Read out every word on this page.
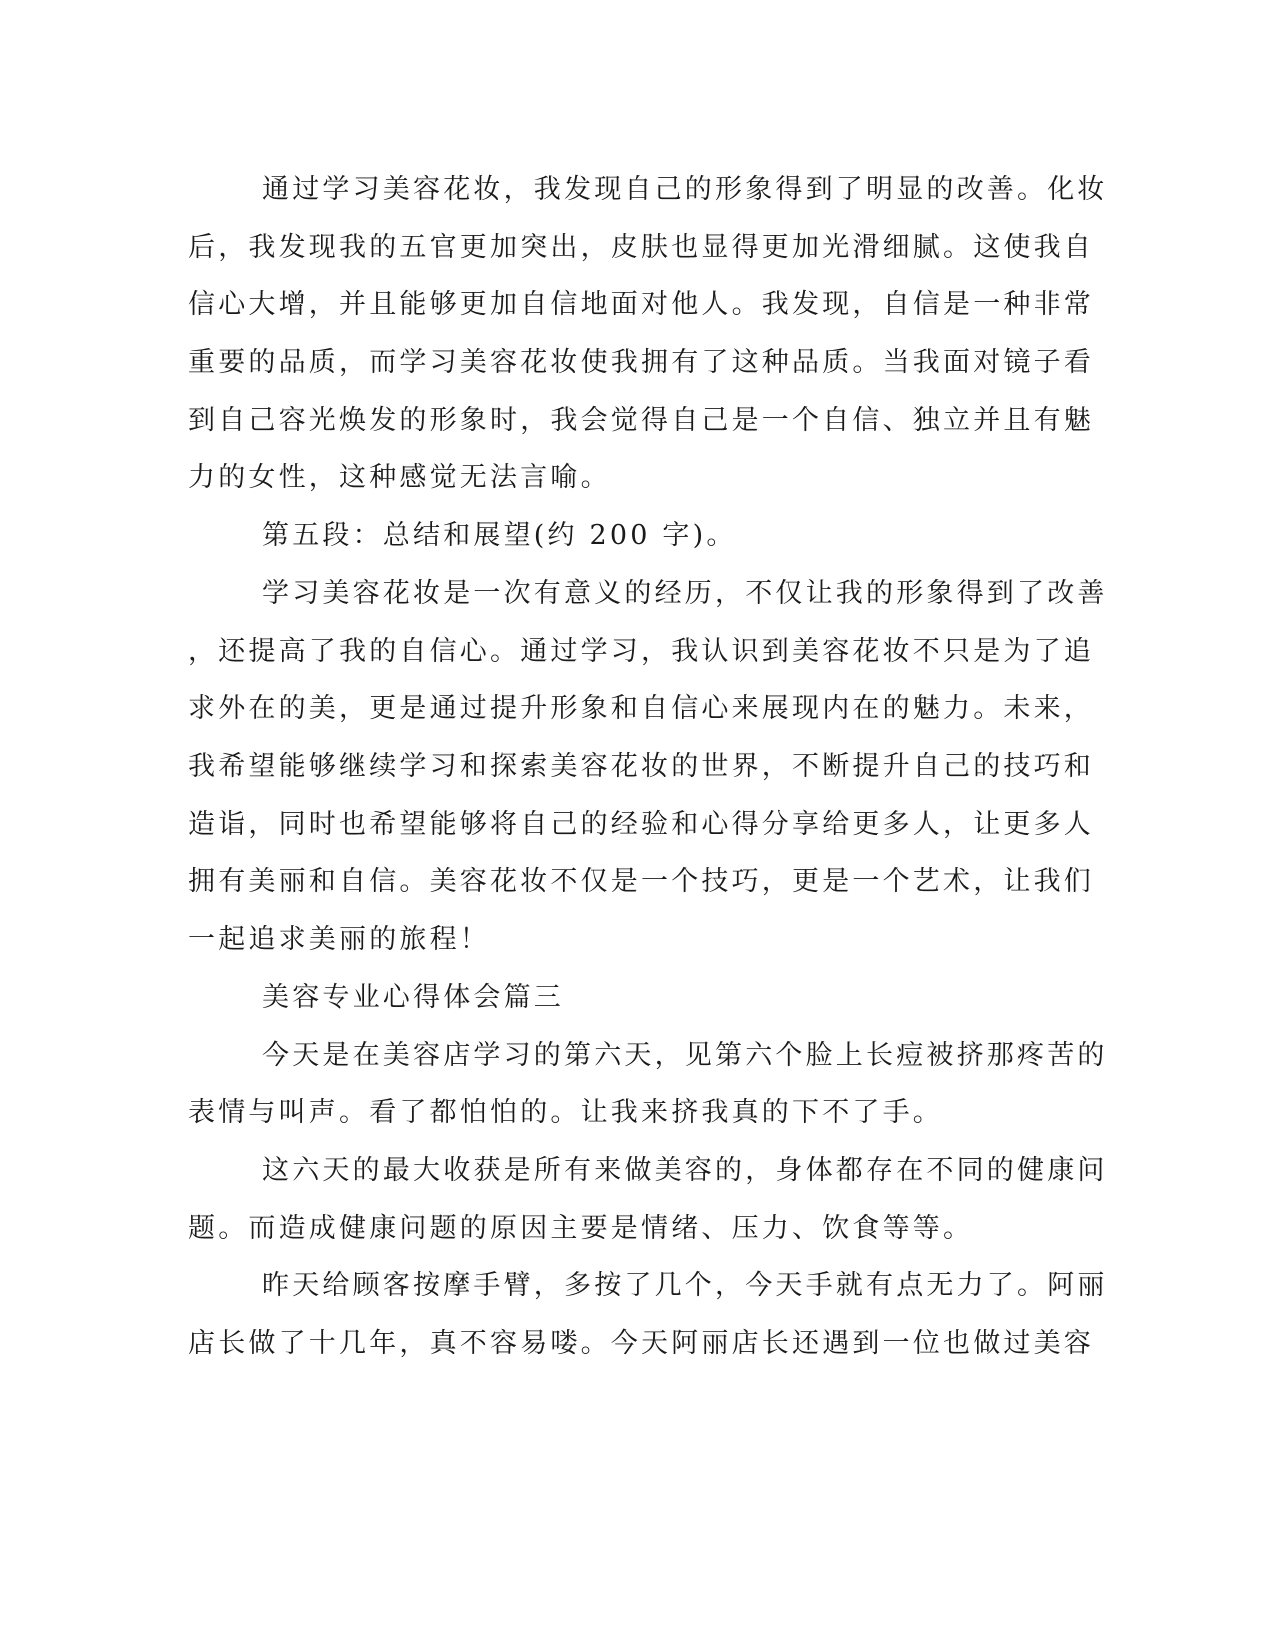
通过学习美容花妆，我发现自己的形象得到了明显的改善。化妆
后，我发现我的五官更加突出，皮肤也显得更加光滑细腻。这使我自
信心大增，并且能够更加自信地面对他人。我发现，自信是一种非常
重要的品质，而学习美容花妆使我拥有了这种品质。当我面对镜子看
到自己容光焕发的形象时，我会觉得自己是一个自信、独立并且有魅
力的女性，这种感觉无法言喻。
第五段：总结和展望(约 200 字)。
学习美容花妆是一次有意义的经历，不仅让我的形象得到了改善
，还提高了我的自信心。通过学习，我认识到美容花妆不只是为了追
求外在的美，更是通过提升形象和自信心来展现内在的魅力。未来，
我希望能够继续学习和探索美容花妆的世界，不断提升自己的技巧和
造诣，同时也希望能够将自己的经验和心得分享给更多人，让更多人
拥有美丽和自信。美容花妆不仅是一个技巧，更是一个艺术，让我们
一起追求美丽的旅程！
美容专业心得体会篇三
今天是在美容店学习的第六天，见第六个脸上长痘被挤那疼苦的
表情与叫声。看了都怕怕的。让我来挤我真的下不了手。
这六天的最大收获是所有来做美容的，身体都存在不同的健康问
题。而造成健康问题的原因主要是情绪、压力、饮食等等。
昨天给顾客按摩手臂，多按了几个，今天手就有点无力了。阿丽
店长做了十几年，真不容易喽。今天阿丽店长还遇到一位也做过美容
